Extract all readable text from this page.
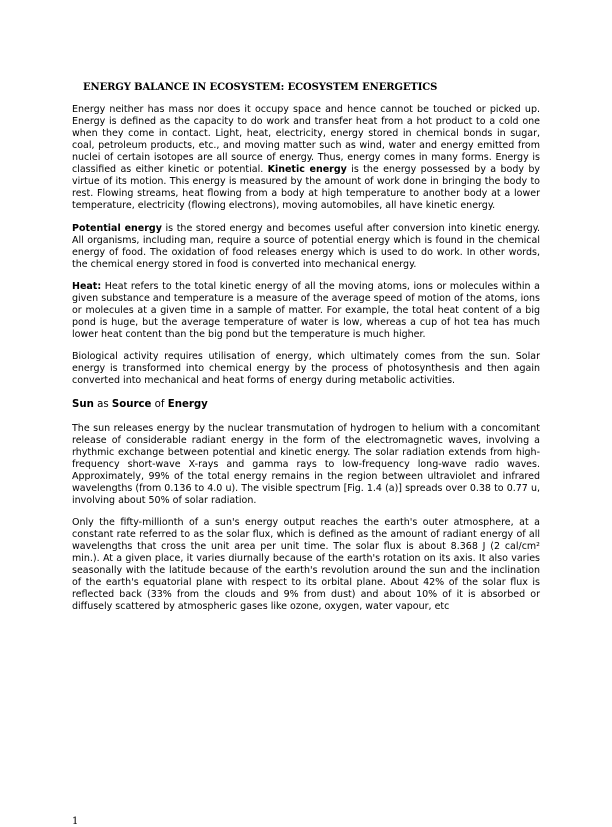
ENERGY BALANCE IN ECOSYSTEM: ECOSYSTEM ENERGETICS

Energy neither has mass nor does it occupy space and hence cannot be touched or picked up. Energy is defined as the capacity to do work and transfer heat from a hot product to a cold one when they come in contact. Light, heat, electricity, energy stored in chemical bonds in sugar, coal, petroleum products, etc., and moving matter such as wind, water and energy emitted from nuclei of certain isotopes are all source of energy. Thus, energy comes in many forms. Energy is classified as either kinetic or potential. Kinetic energy is the energy possessed by a body by virtue of its motion. This energy is measured by the amount of work done in bringing the body to rest. Flowing streams, heat flowing from a body at high temperature to another body at a lower temperature, electricity (flowing electrons), moving automobiles, all have kinetic energy.

Potential energy is the stored energy and becomes useful after conversion into kinetic energy. All organisms, including man, require a source of potential energy which is found in the chemical energy of food. The oxidation of food releases energy which is used to do work. In other words, the chemical energy stored in food is converted into mechanical energy.

Heat: Heat refers to the total kinetic energy of all the moving atoms, ions or molecules within a given substance and temperature is a measure of the average speed of motion of the atoms, ions or molecules at a given time in a sample of matter. For example, the total heat content of a big pond is huge, but the average temperature of water is low, whereas a cup of hot tea has much lower heat content than the big pond but the temperature is much higher.

Biological activity requires utilisation of energy, which ultimately comes from the sun. Solar energy is transformed into chemical energy by the process of photosynthesis and then again converted into mechanical and heat forms of energy during metabolic activities.

Sun as Source of Energy

The sun releases energy by the nuclear transmutation of hydrogen to helium with a concomitant release of considerable radiant energy in the form of the electromagnetic waves, involving a rhythmic exchange between potential and kinetic energy. The solar radiation extends from high-frequency short-wave X-rays and gamma rays to low-frequency long-wave radio waves. Approximately, 99% of the total energy remains in the region between ultraviolet and infrared wavelengths (from 0.136 to 4.0 u). The visible spectrum [Fig. 1.4 (a)] spreads over 0.38 to 0.77 u, involving about 50% of solar radiation.

Only the fifty-millionth of a sun's energy output reaches the earth's outer atmosphere, at a constant rate referred to as the solar flux, which is defined as the amount of radiant energy of all wavelengths that cross the unit area per unit time. The solar flux is about 8.368 J (2 cal/cm² min.). At a given place, it varies diurnally because of the earth's rotation on its axis. It also varies seasonally with the latitude because of the earth's revolution around the sun and the inclination of the earth's equatorial plane with respect to its orbital plane. About 42% of the solar flux is reflected back (33% from the clouds and 9% from dust) and about 10% of it is absorbed or diffusely scattered by atmospheric gases like ozone, oxygen, water vapour, etc

1
